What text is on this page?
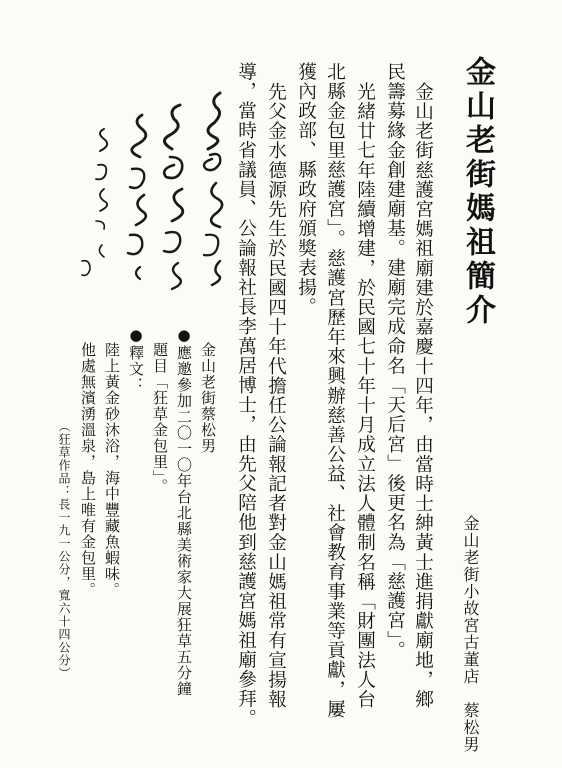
金山老街媽祖簡介
金山老街小故宮古董店　蔡松男
金山老街慈護宮媽祖廟建於嘉慶十四年，由當時士紳黃士進捐獻廟地，鄉
民籌募緣金創建廟基。建廟完成命名「天后宮」後更名為「慈護宮」。
光緒廿七年陸續增建，於民國七十年十月成立法人體制名稱「財團法人台
北縣金包里慈護宮」。慈護宮歷年來興辦慈善公益、社會教育事業等貢獻，屢
獲內政部、縣政府頒獎表揚。
先父金水德源先生於民國四十年代擔任公論報記者對金山媽祖常有宣揚報
導，當時省議員、公論報社長李萬居博士，由先父陪他到慈護宮媽祖廟參拜。
金山老街蔡松男
●應邀參加二〇一〇年台北縣美術家大展狂草五分鐘
題目「狂草金包里」。
●釋文：
陸上黃金砂沐浴，海中豐藏魚蝦味。
他處無濱湧溫泉，島上唯有金包里。
（狂草作品：長一九一公分，寬六十四公分）
